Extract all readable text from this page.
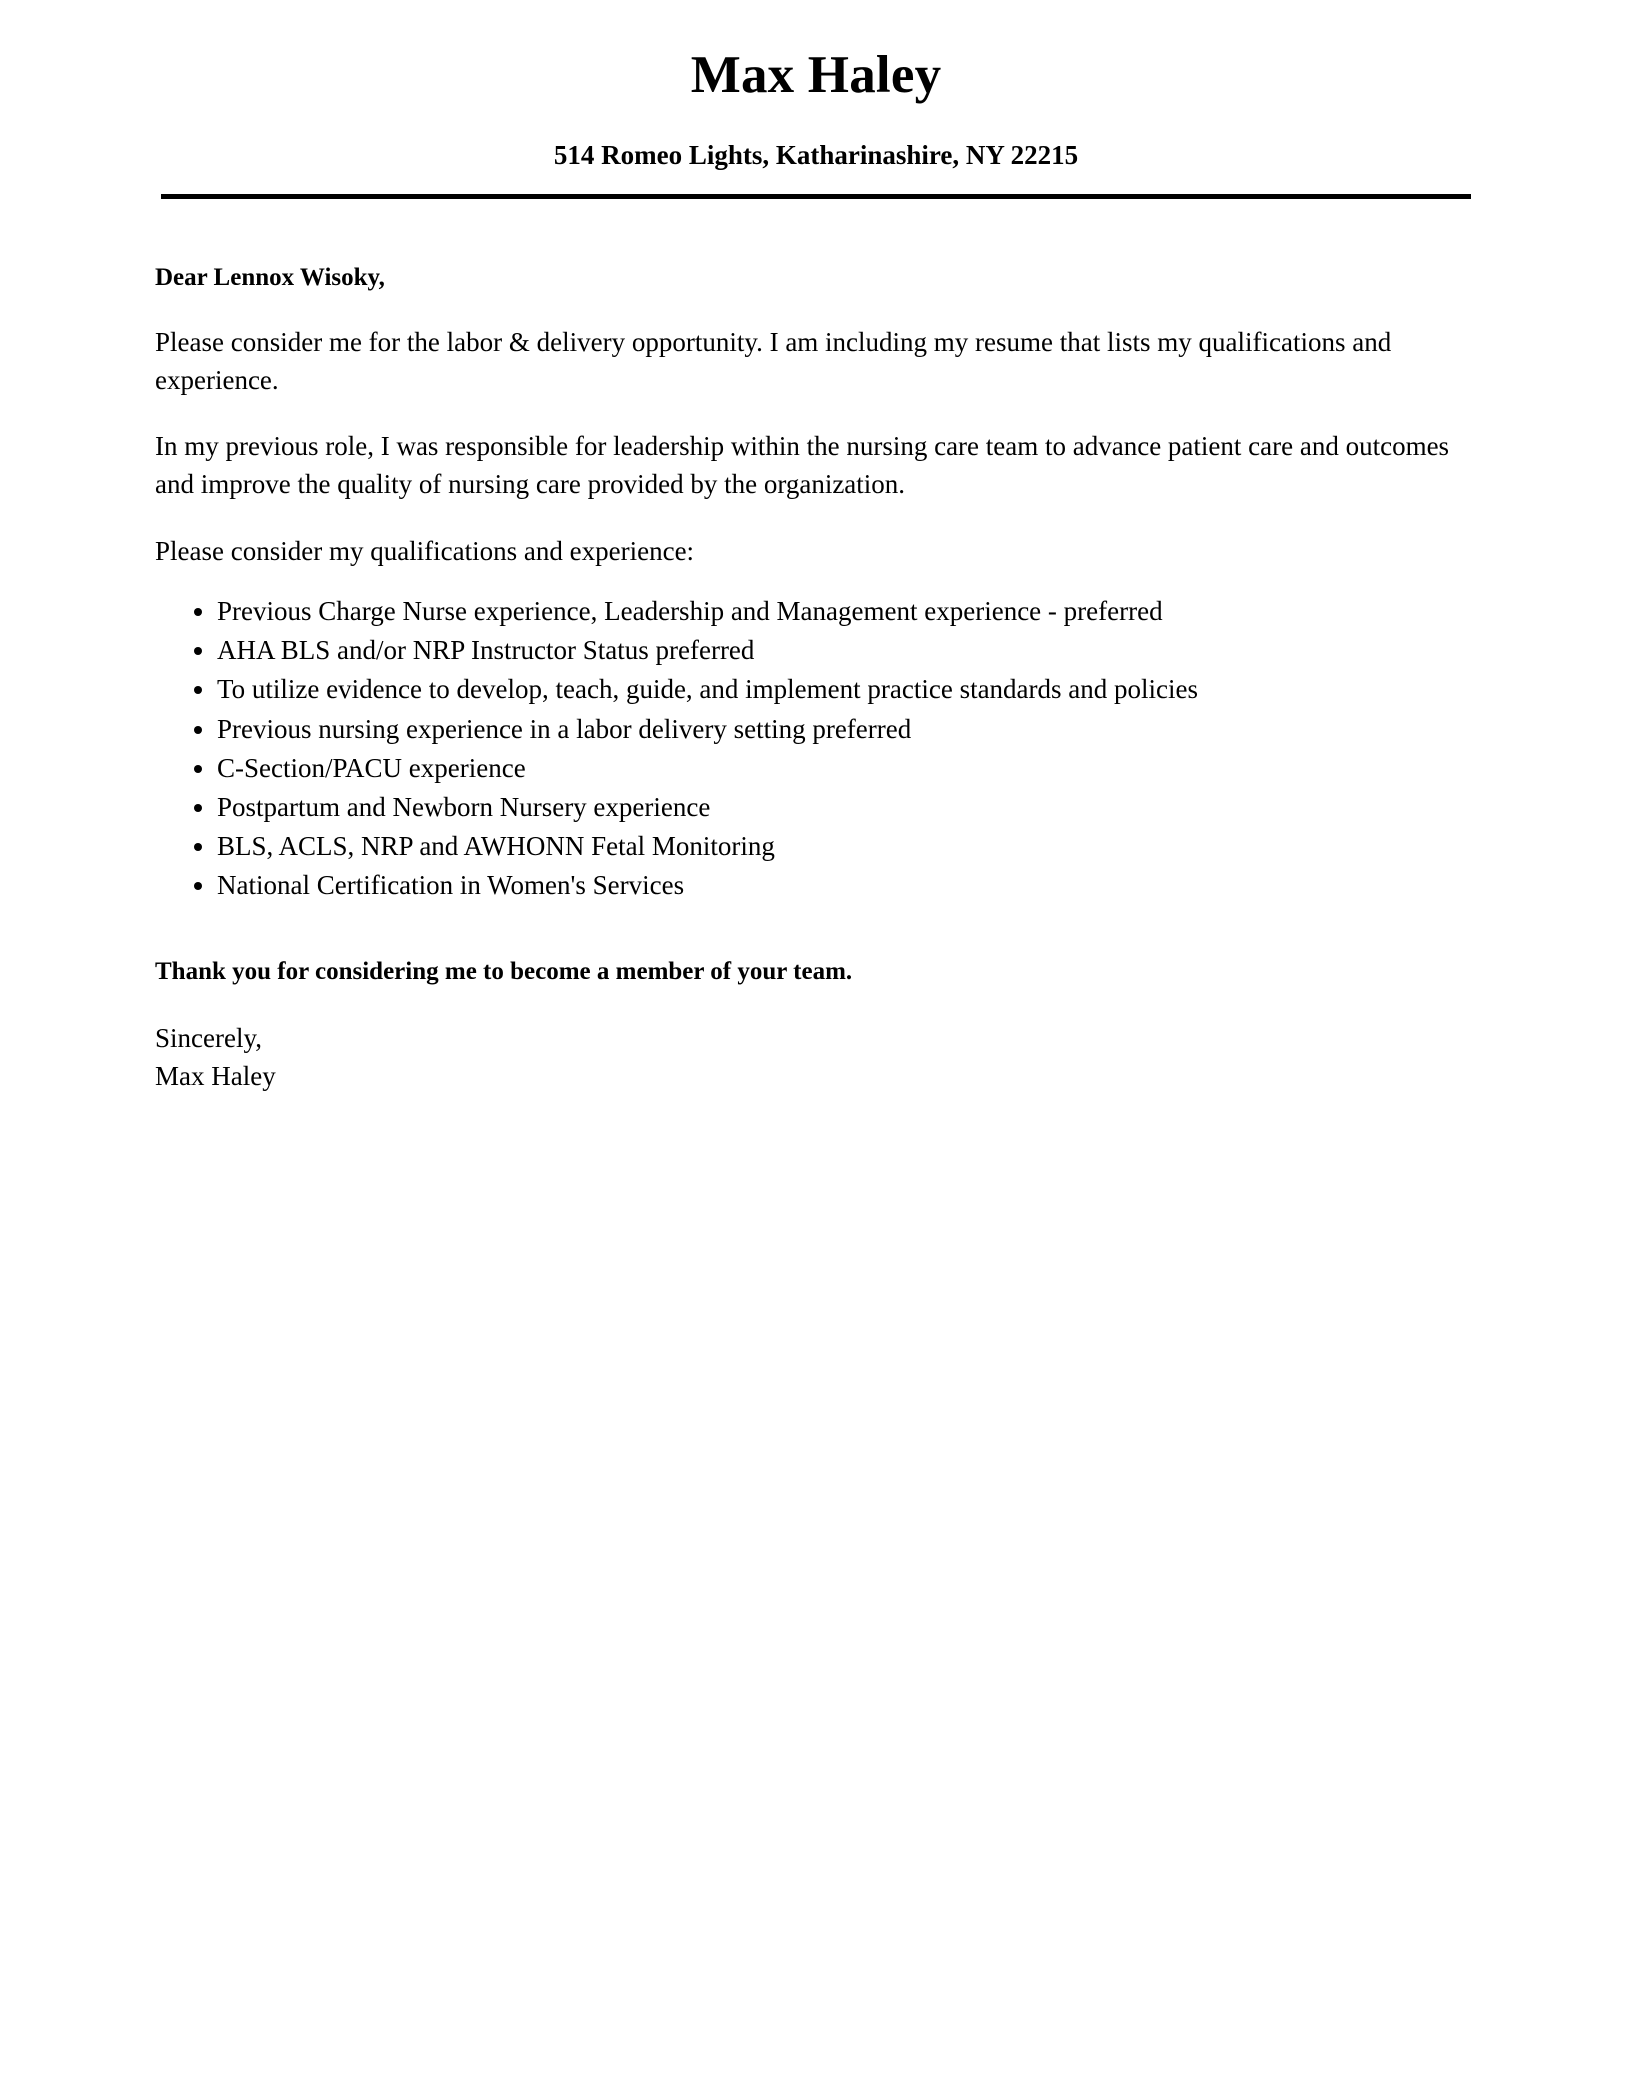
Max Haley
514 Romeo Lights, Katharinashire, NY 22215
Dear Lennox Wisoky,

Please consider me for the labor & delivery opportunity. I am including my resume that lists my qualifications and experience.

In my previous role, I was responsible for leadership within the nursing care team to advance patient care and outcomes and improve the quality of nursing care provided by the organization.

Please consider my qualifications and experience:

• Previous Charge Nurse experience, Leadership and Management experience - preferred
• AHA BLS and/or NRP Instructor Status preferred
• To utilize evidence to develop, teach, guide, and implement practice standards and policies
• Previous nursing experience in a labor delivery setting preferred
• C-Section/PACU experience
• Postpartum and Newborn Nursery experience
• BLS, ACLS, NRP and AWHONN Fetal Monitoring
• National Certification in Women's Services
Thank you for considering me to become a member of your team.
Sincerely,
Max Haley
